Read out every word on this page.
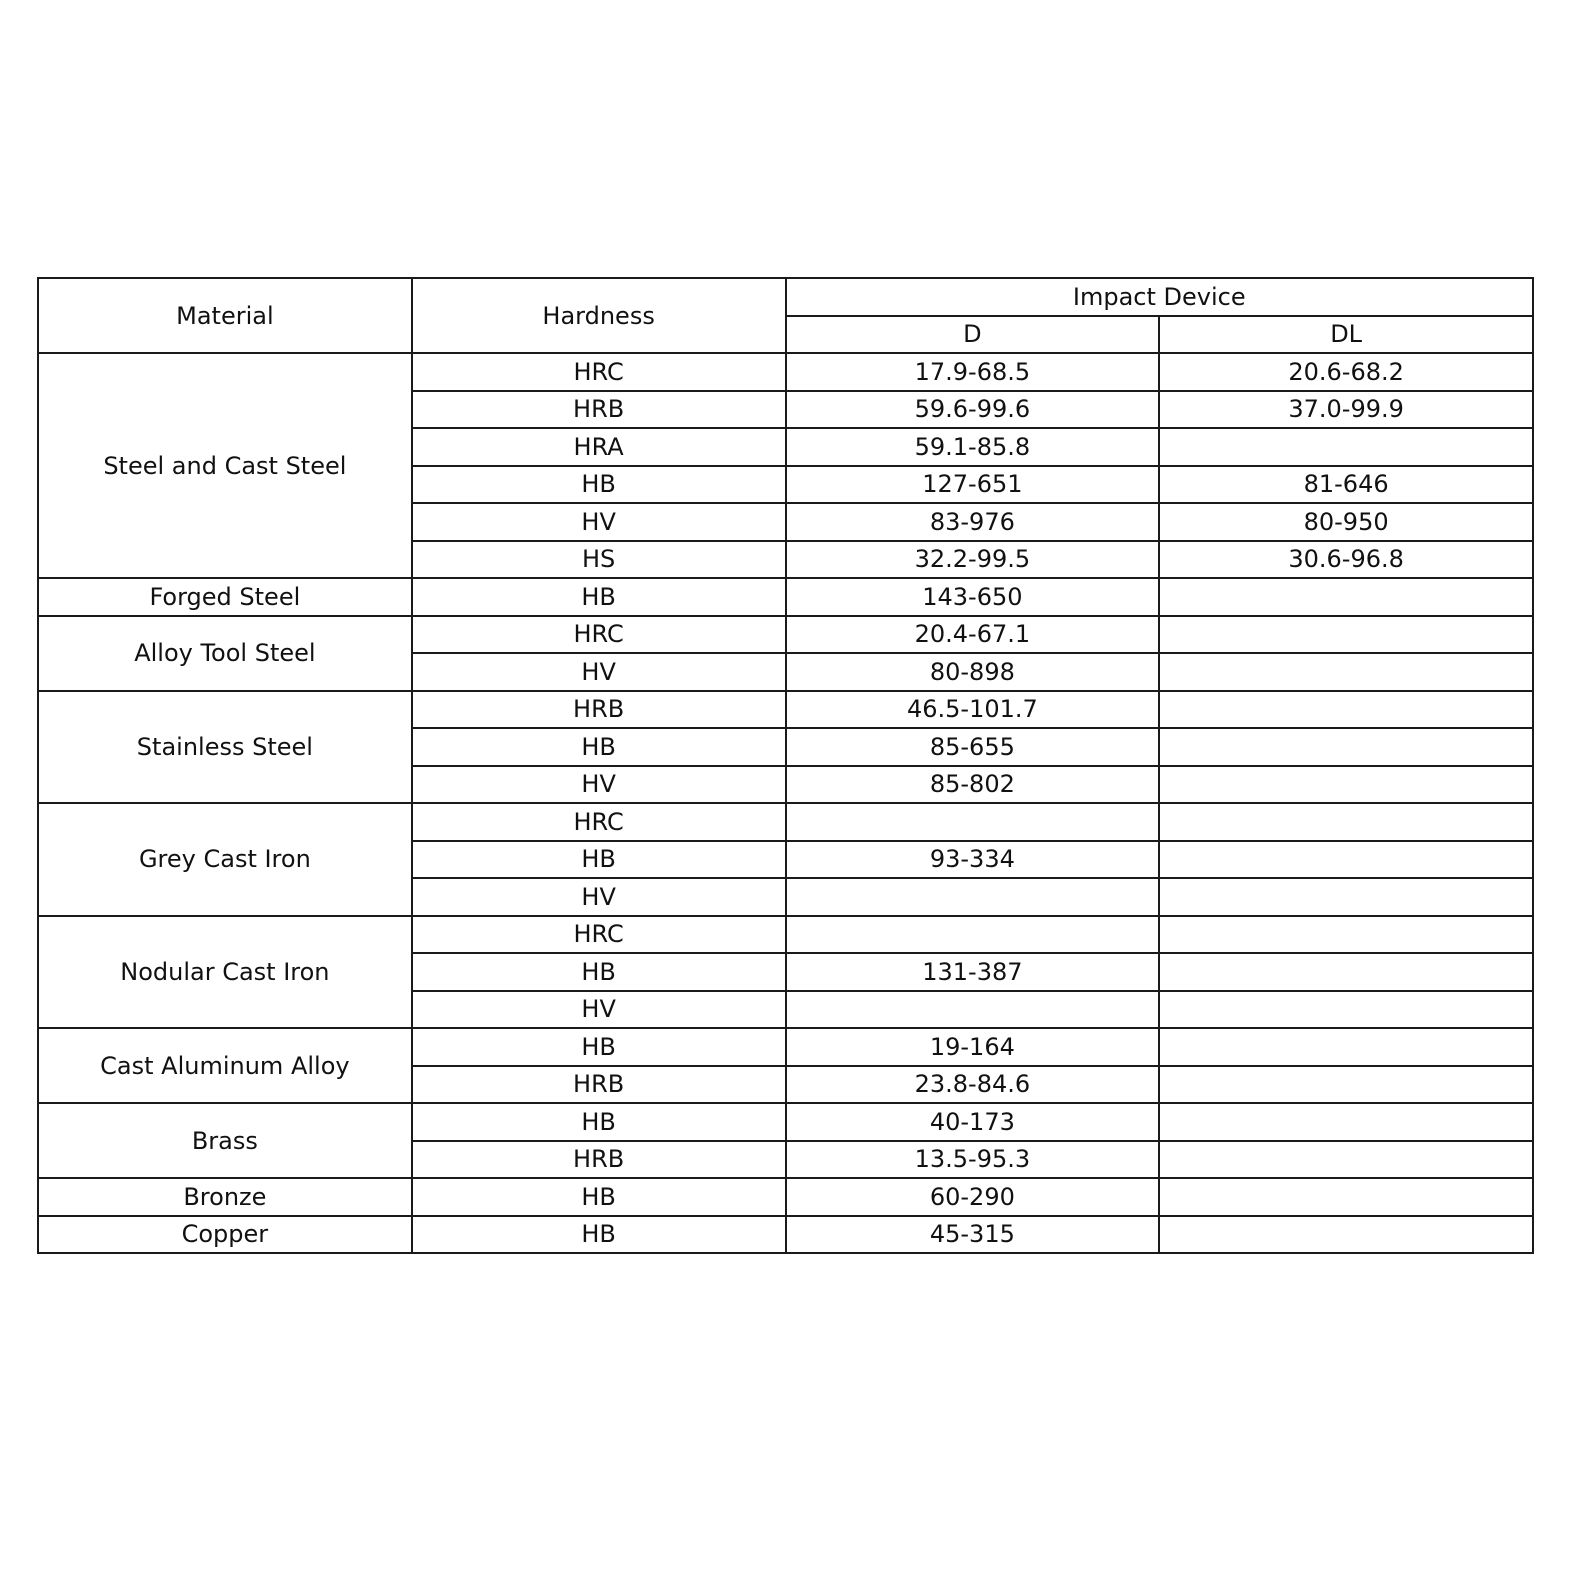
Material	Hardness	Impact Device	
		D	DL
Steel and Cast Steel	HRC	17.9-68.5	20.6-68.2
	HRB	59.6-99.6	37.0-99.9
	HRA	59.1-85.8	
	HB	127-651	81-646
	HV	83-976	80-950
	HS	32.2-99.5	30.6-96.8
Forged Steel	HB	143-650	
Alloy Tool Steel	HRC	20.4-67.1	
	HV	80-898	
Stainless Steel	HRB	46.5-101.7	
	HB	85-655	
	HV	85-802	
Grey Cast Iron	HRC		
	HB	93-334	
	HV		
Nodular Cast Iron	HRC		
	HB	131-387	
	HV		
Cast Aluminum Alloy	HB	19-164	
	HRB	23.8-84.6	
Brass	HB	40-173	
	HRB	13.5-95.3	
Bronze	HB	60-290	
Copper	HB	45-315	
